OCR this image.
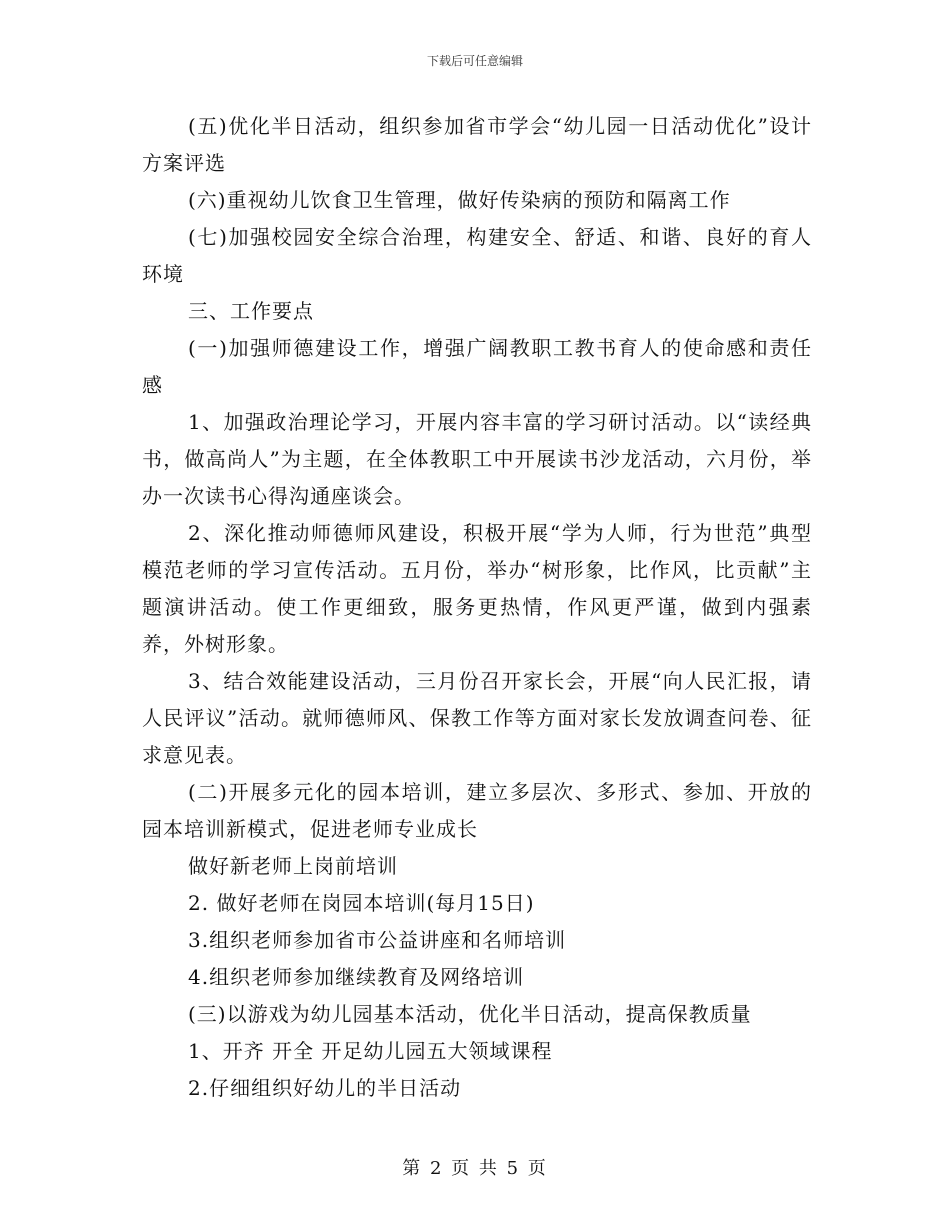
下载后可任意编辑

(五)优化半日活动，组织参加省市学会“幼儿园一日活动优化”设计方案评选

(六)重视幼儿饮食卫生管理，做好传染病的预防和隔离工作

(七)加强校园安全综合治理，构建安全、舒适、和谐、良好的育人环境

三、工作要点

(一)加强师德建设工作，增强广阔教职工教书育人的使命感和责任感

1、加强政治理论学习，开展内容丰富的学习研讨活动。以“读经典书，做高尚人”为主题，在全体教职工中开展读书沙龙活动，六月份，举办一次读书心得沟通座谈会。

2、深化推动师德师风建设，积极开展“学为人师，行为世范”典型模范老师的学习宣传活动。五月份，举办“树形象，比作风，比贡献”主题演讲活动。使工作更细致，服务更热情，作风更严谨，做到内强素养，外树形象。

3、结合效能建设活动，三月份召开家长会，开展“向人民汇报，请人民评议”活动。就师德师风、保教工作等方面对家长发放调查问卷、征求意见表。

(二)开展多元化的园本培训，建立多层次、多形式、参加、开放的园本培训新模式，促进老师专业成长

做好新老师上岗前培训

2. 做好老师在岗园本培训(每月15日)

3.组织老师参加省市公益讲座和名师培训

4.组织老师参加继续教育及网络培训

(三)以游戏为幼儿园基本活动，优化半日活动，提高保教质量

1、开齐 开全 开足幼儿园五大领域课程

2.仔细组织好幼儿的半日活动

第 2 页 共 5 页
